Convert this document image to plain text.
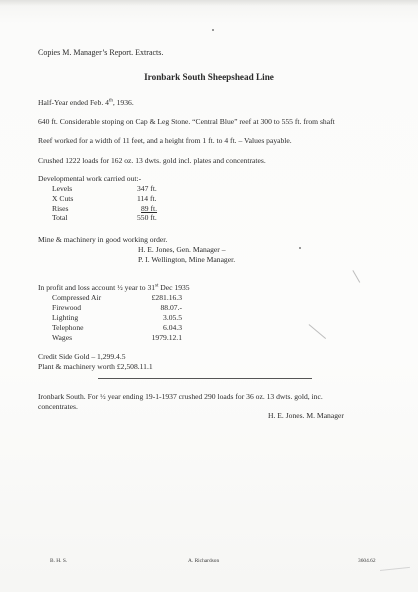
Copies M. Manager’s Report. Extracts.
Ironbark South Sheepshead Line
Half-Year ended Feb. 4th, 1936.
640 ft. Considerable stoping on Cap & Leg Stone. “Central Blue” reef at 300 to 555 ft. from shaft
Reef worked for a width of 11 feet, and a height from 1 ft. to 4 ft. – Values payable.
Crushed 1222 loads for 162 oz. 13 dwts. gold incl. plates and concentrates.
Developmental work carried out:-
Levels	347 ft.
X Cuts	114 ft.
Rises	89 ft.
Total	550 ft.
Mine & machinery in good working order.
H. E. Jones, Gen. Manager –
P. I. Wellington, Mine Manager.
In profit and loss account ½ year to 31st Dec 1935
Compressed Air	£281.16.3
Firewood	88.07.-
Lighting	3.05.5
Telephone	6.04.3
Wages	1979.12.1
Credit Side Gold – 1,299.4.5
Plant & machinery worth £2,508.11.1
Ironbark South. For ½ year ending 19-1-1937 crushed 290 loads for 36 oz. 13 dwts. gold, inc.
concentrates.
H. E. Jones. M. Manager
B. H. S.	A. Richardson	3604.62
